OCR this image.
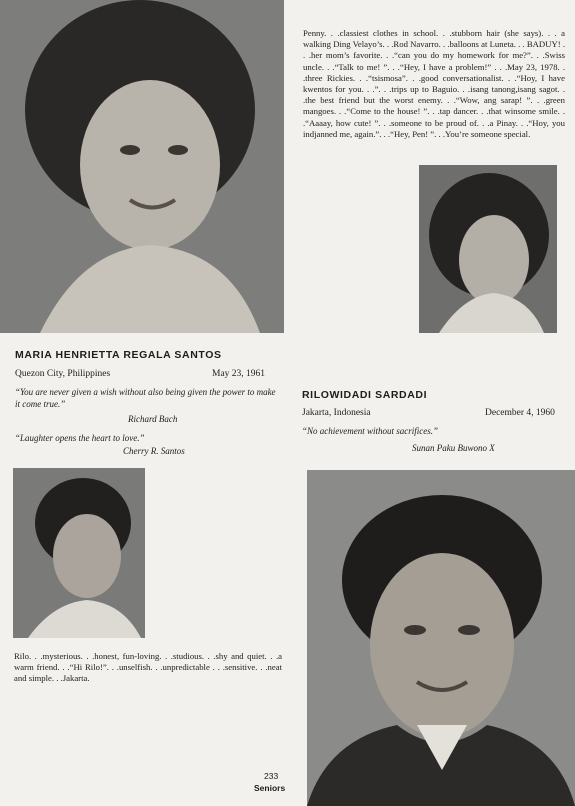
Penny. . .classiest clothes in school. . .stubborn hair (she says). . . a walking Ding Velayo’s. . .Rod Navarro. . .balloons at Luneta. . . BADUY! . . .her mom’s favorite. . .“can you do my homework for me?”. . .Swiss uncle. . .“Talk to me! ”. . .“Hey, I have a problem!” . . .May 23, 1978. . .three Rickies. . .“tsismosa”. . .good conversationalist. . .“Hoy, I have kwentos for you. . .”. . .trips up to Baguio. . .isang tanong,isang sagot. . .the best friend but the worst enemy. . .“Wow, ang sarap! ”. . .green mangoes. . .“Come to the house! ”. . .tap dancer. . .that winsome smile. . .“Aaaay, how cute! ”. . .someone to be proud of. . .a Pinay. . .“Hoy, you indjanned me, again.”. . .“Hey, Pen! ”. . .You’re someone special.
MARIA HENRIETTA REGALA SANTOS
Quezon City, Philippines	May 23, 1961
“You are never given a wish without also being given the power to make it come true.”
Richard Bach
“Laughter opens the heart to love.”
Cherry R. Santos
RILOWIDADI SARDADI
Jakarta, Indonesia	December 4, 1960
“No achievement without sacrifices.”
Sunan Paku Buwono X
Rilo. . .mysterious. . .honest, fun-loving. . .studious. . .shy and quiet. . .a warm friend. . .“Hi Rilo!”. . .unselfish. . .unpredictable . . .sensitive. . .neat and simple. . .Jakarta.
233
Seniors
